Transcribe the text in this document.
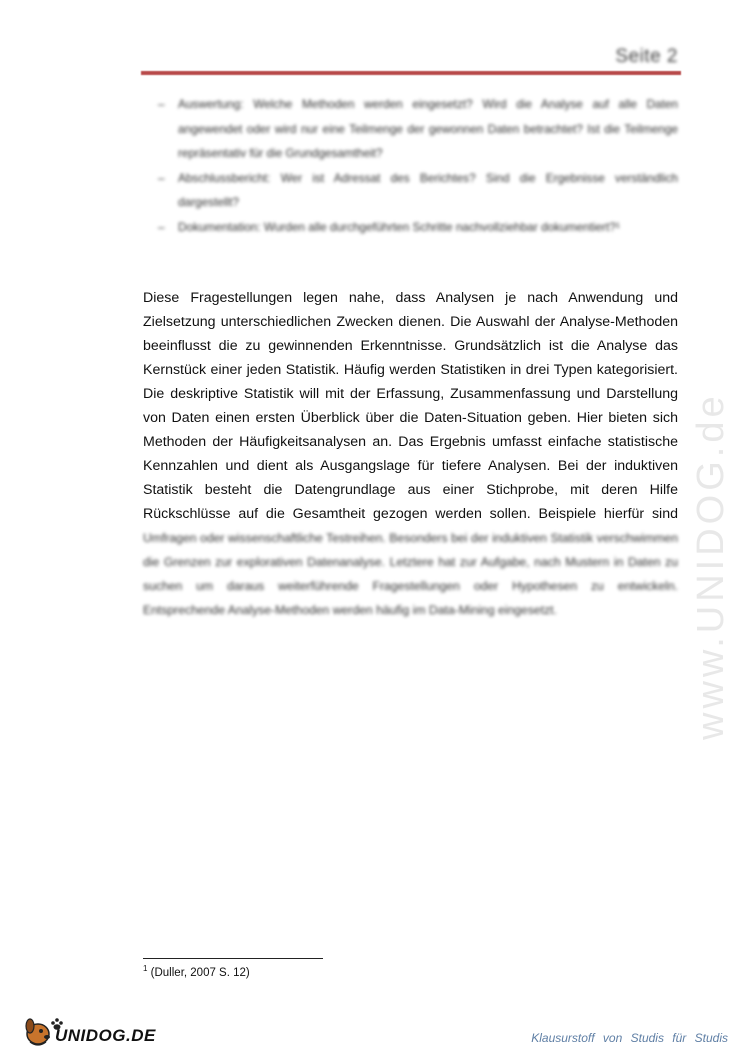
Seite 2
– Auswertung: Welche Methoden werden eingesetzt? Wird die Analyse auf alle Daten angewendet oder wird nur eine Teilmenge der gewonnen Daten betrachtet? Ist die Teilmenge repräsentativ für die Grundgesamtheit?
– Abschlussbericht: Wer ist Adressat des Berichtes? Sind die Ergebnisse verständlich dargestellt?
– Dokumentation: Wurden alle durchgeführten Schritte nachvollziehbar dokumentiert?¹

Diese Fragestellungen legen nahe, dass Analysen je nach Anwendung und Zielsetzung unterschiedlichen Zwecken dienen. Die Auswahl der Analyse-Methoden beeinflusst die zu gewinnenden Erkenntnisse. Grundsätzlich ist die Analyse das Kernstück einer jeden Statistik. Häufig werden Statistiken in drei Typen kategorisiert. Die deskriptive Statistik will mit der Erfassung, Zusammenfassung und Darstellung von Daten einen ersten Überblick über die Daten-Situation geben. Hier bieten sich Methoden der Häufigkeitsanalysen an. Das Ergebnis umfasst einfache statistische Kennzahlen und dient als Ausgangslage für tiefere Analysen. Bei der induktiven Statistik besteht die Datengrundlage aus einer Stichprobe, mit deren Hilfe Rückschlüsse auf die Gesamtheit gezogen werden sollen. Beispiele hierfür sind

Umfragen oder wissenschaftliche Testreihen. Besonders bei der induktiven Statistik verschwimmen die Grenzen zur explorativen Datenanalyse. Letztere hat zur Aufgabe, nach Mustern in Daten zu suchen um daraus weiterführende Fragestellungen oder Hypothesen zu entwickeln. Entsprechende Analyse-Methoden werden häufig im Data-Mining eingesetzt.	www.UNIDOG.de
$^1$ (Duller, 2007 S. 12)
UNIDOG.DE	Klausurstoff von Studis für Studis
